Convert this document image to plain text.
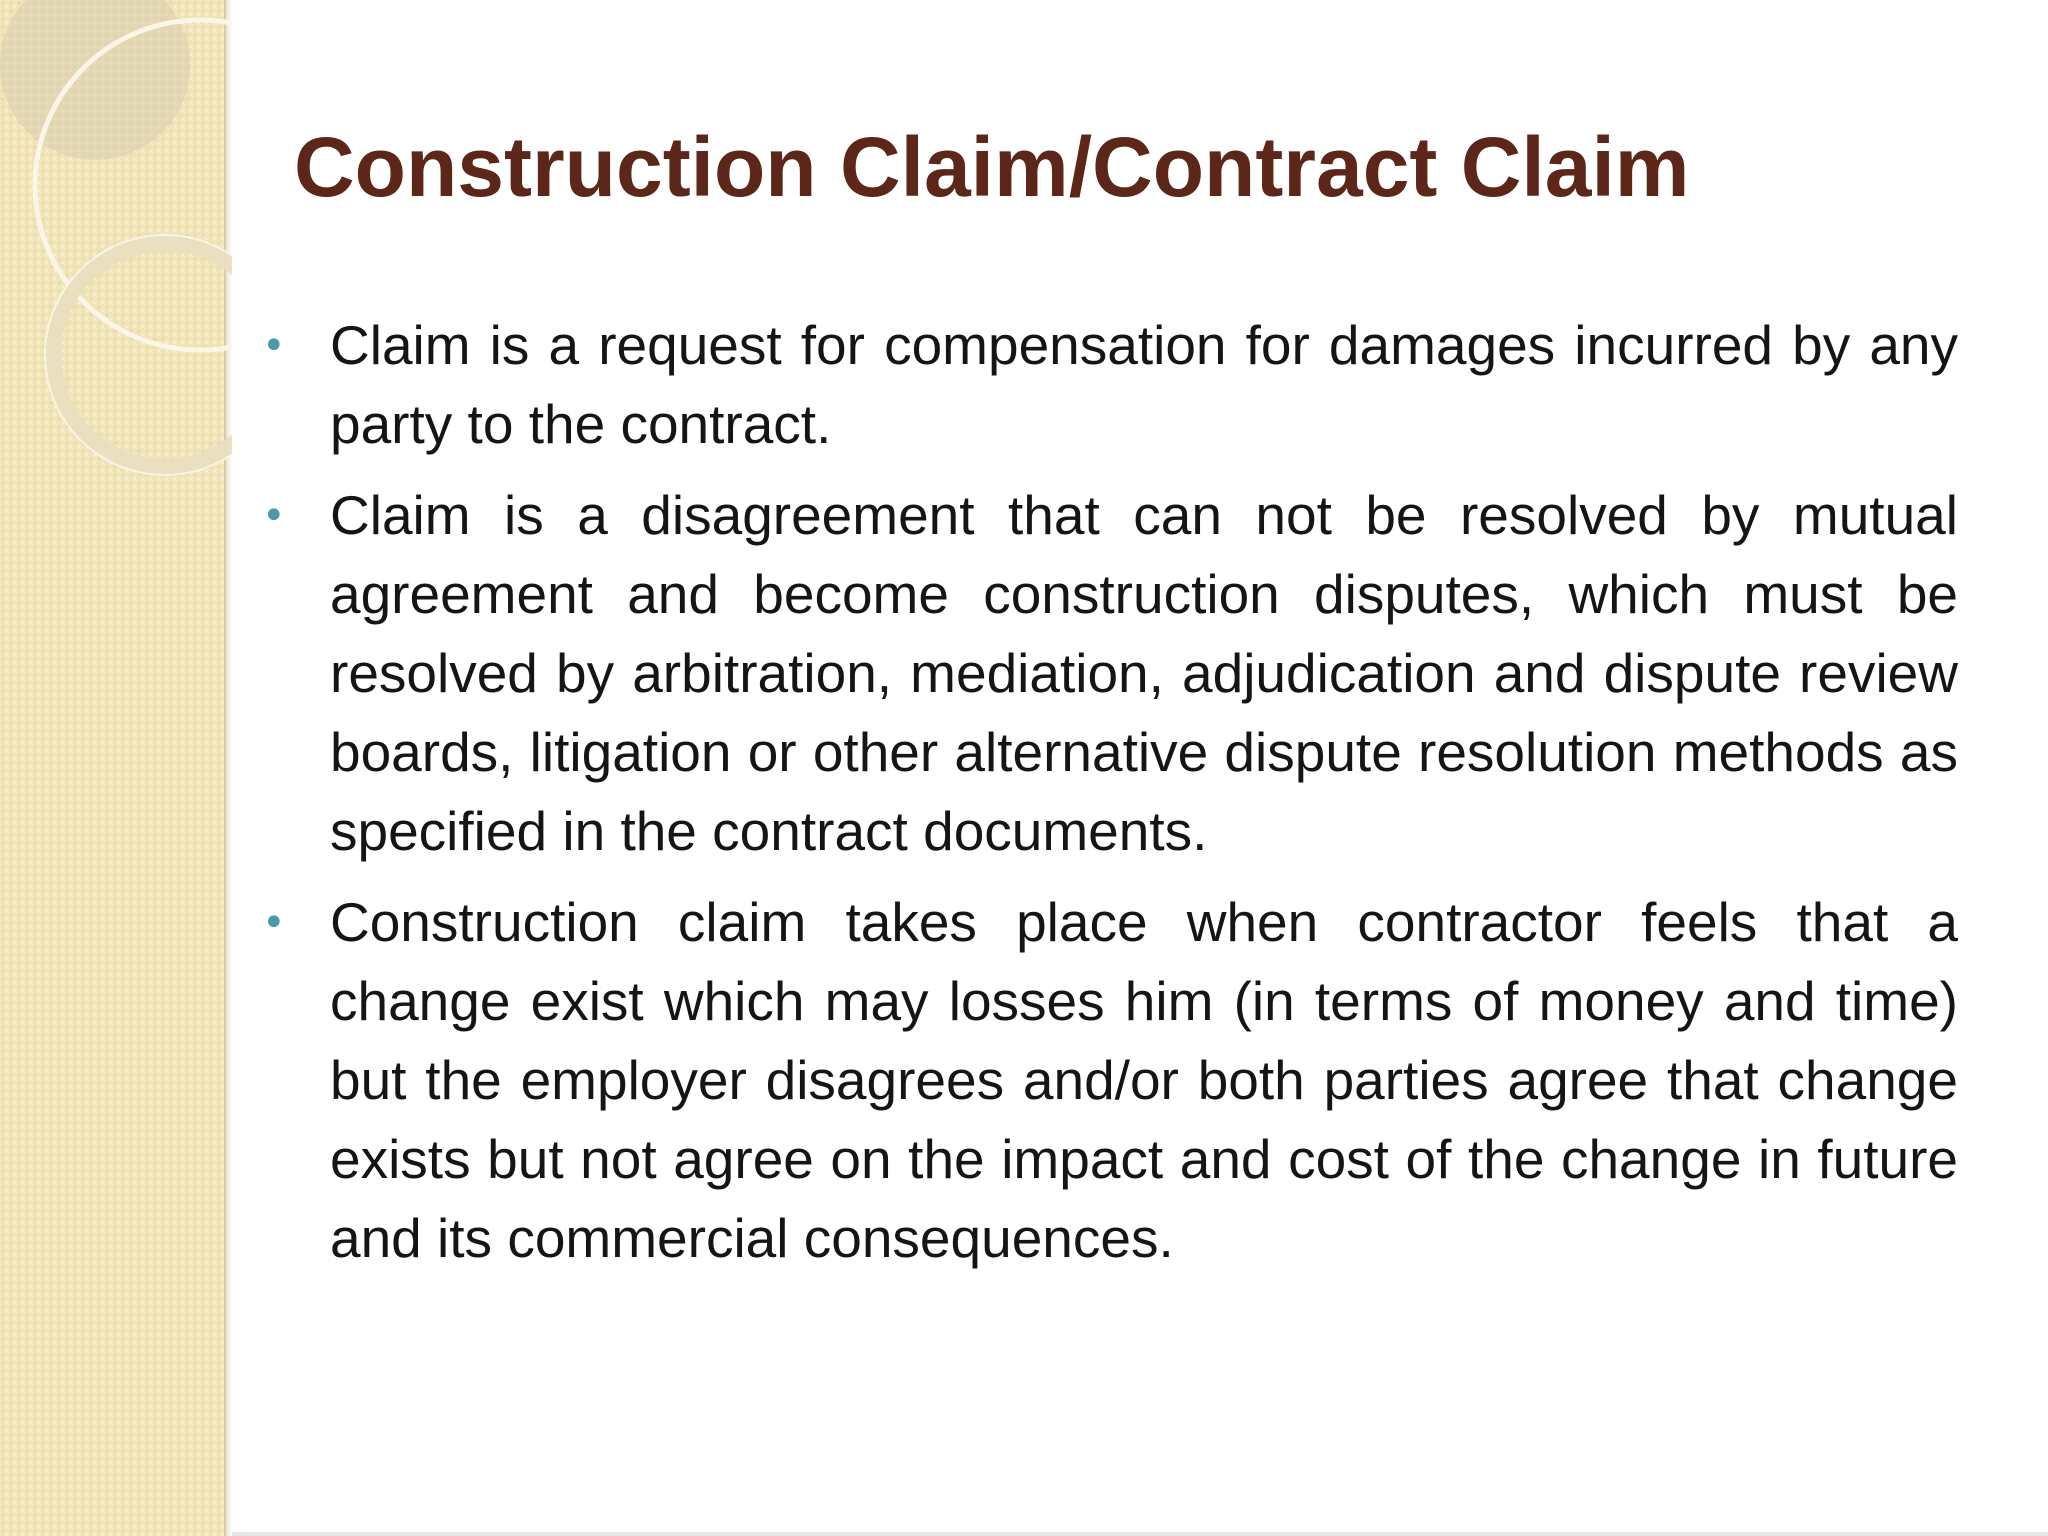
Construction Claim/Contract Claim
• Claim is a request for compensation for damages incurred by any party to the contract.
• Claim is a disagreement that can not be resolved by mutual agreement and become construction disputes, which must be resolved by arbitration, mediation, adjudication and dispute review boards, litigation or other alternative dispute resolution methods as specified in the contract documents.
• Construction claim takes place when contractor feels that a change exist which may losses him (in terms of money and time) but the employer disagrees and/or both parties agree that change exists but not agree on the impact and cost of the change in future and its commercial consequences.
